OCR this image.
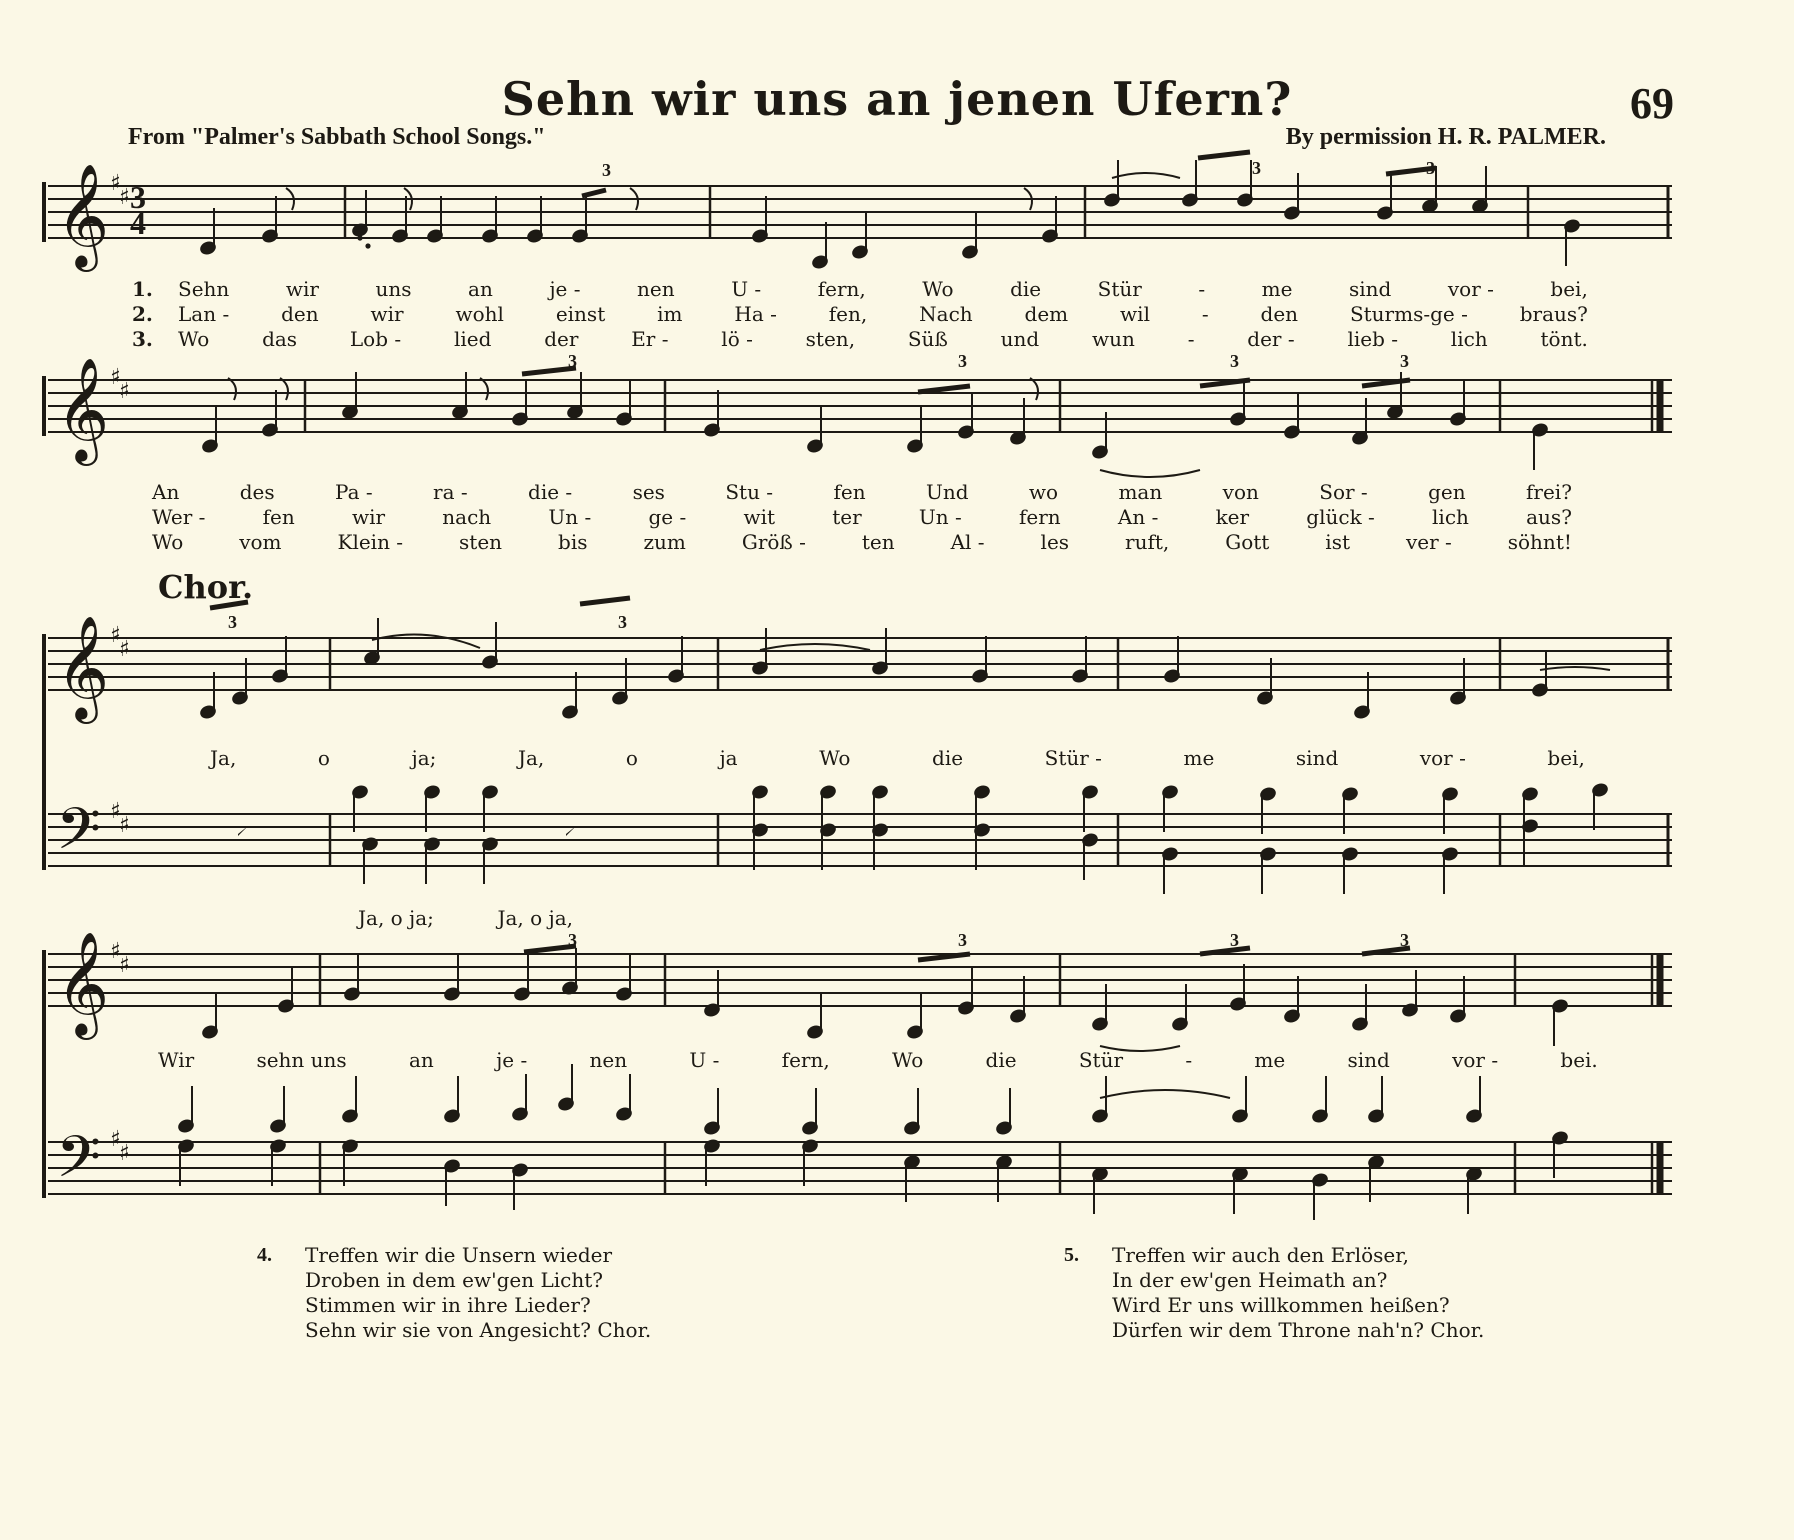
Sehn wir uns an jenen Ufern?	69
From "Palmer's Sabbath School Songs."	By permission H. R. PALMER.
𝄞 ♯
♯ 3
4
3	3	3
𝄞 ♯
♯
3	3	3	3
𝄞 ♯
♯
𝄢 ♯
♯
3	3
𝄞 ♯
♯
𝄢 ♯
♯
3	3	3	3
1. Sehn	wir	uns	an	je -	nen	U -	fern,	Wo	die	Stür	-	me	sind	vor -	bei,
2. Lan -	den	wir	wohl	einst	im	Ha -	fen,	Nach	dem	wil	-	den	Sturms-ge -	braus?
3. Wo	das	Lob -	lied	der	Er -	lö -	sten,	Süß	und	wun	-	der -	lieb -	lich	tönt.
An	des	Pa -	ra -	die -	ses	Stu -	fen	Und	wo	man	von	Sor -	gen	frei?
Wer -	fen	wir	nach	Un -	ge -	wit	ter	Un -	fern	An -	ker	glück -	lich	aus?
Wo	vom	Klein -	sten	bis	zum	Größ -	ten	Al -	les	ruft,	Gott	ist	ver -	söhnt!
Chor.
Ja,	o	ja;	Ja,	o	ja	Wo	die	Stür -	me	sind	vor -	bei,
Ja, o ja;          Ja, o ja,
Wir	sehn uns	an	je -	nen	U -	fern,	Wo	die	Stür	-	me	sind	vor -	bei.
4. Treffen wir die Unsern wieder
Droben in dem ew'gen Licht?
Stimmen wir in ihre Lieder?
Sehn wir sie von Angesicht? Chor.
5. Treffen wir auch den Erlöser,
In der ew'gen Heimath an?
Wird Er uns willkommen heißen?
Dürfen wir dem Throne nah'n? Chor.
